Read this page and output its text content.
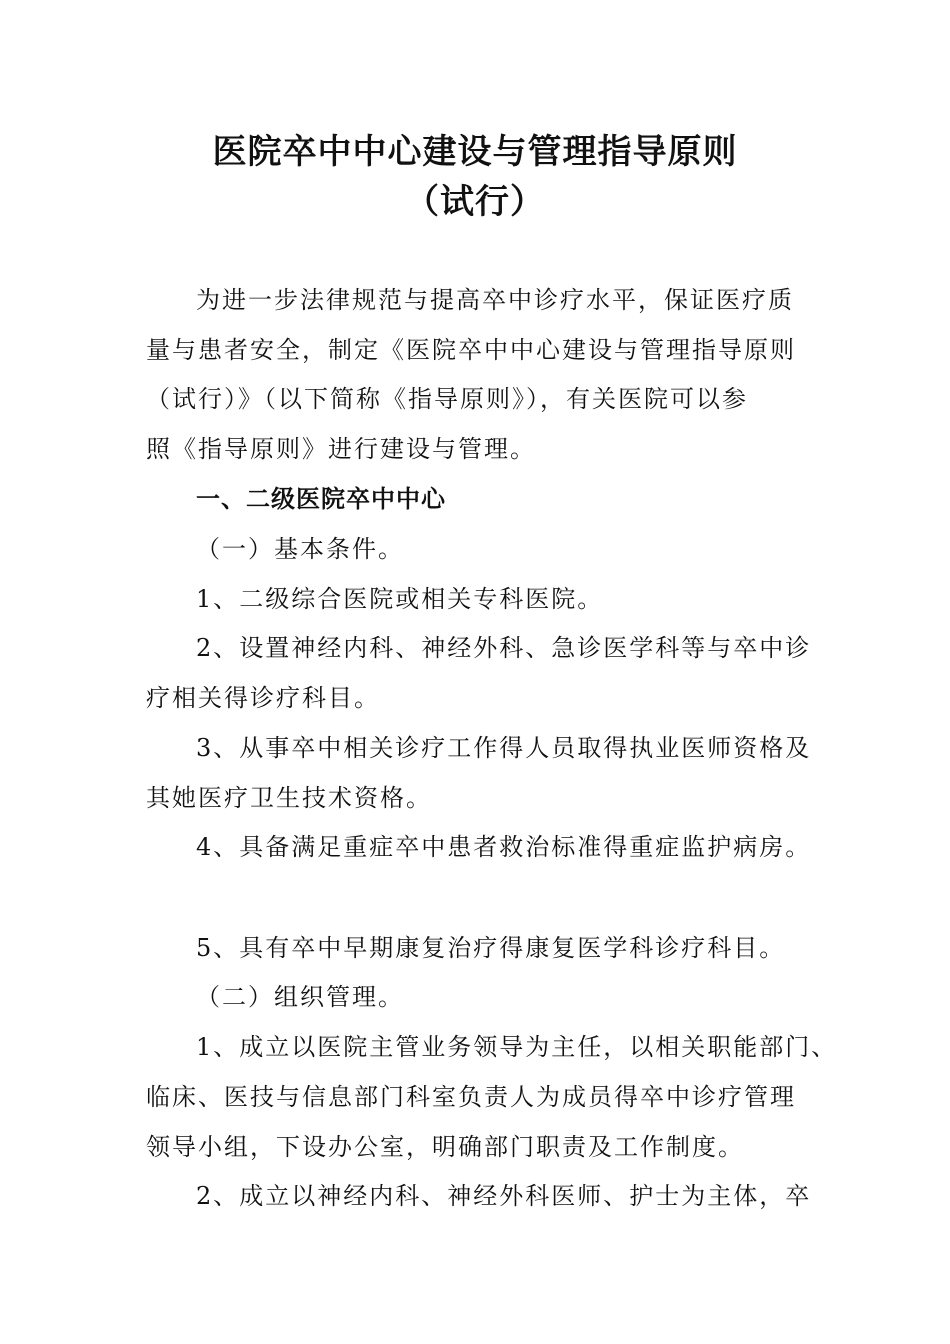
医院卒中中心建设与管理指导原则
（试行）
为进一步法律规范与提高卒中诊疗水平，保证医疗质
量与患者安全，制定《医院卒中中心建设与管理指导原则
（试行）》（以下简称《指导原则》），有关医院可以参
照《指导原则》进行建设与管理。
一、二级医院卒中中心
（一）基本条件。
1、二级综合医院或相关专科医院。
2、设置神经内科、神经外科、急诊医学科等与卒中诊
疗相关得诊疗科目。
3、从事卒中相关诊疗工作得人员取得执业医师资格及
其她医疗卫生技术资格。
4、具备满足重症卒中患者救治标准得重症监护病房。
5、具有卒中早期康复治疗得康复医学科诊疗科目。
（二）组织管理。
1、成立以医院主管业务领导为主任，以相关职能部门、
临床、医技与信息部门科室负责人为成员得卒中诊疗管理
领导小组，下设办公室，明确部门职责及工作制度。
2、成立以神经内科、神经外科医师、护士为主体，卒
